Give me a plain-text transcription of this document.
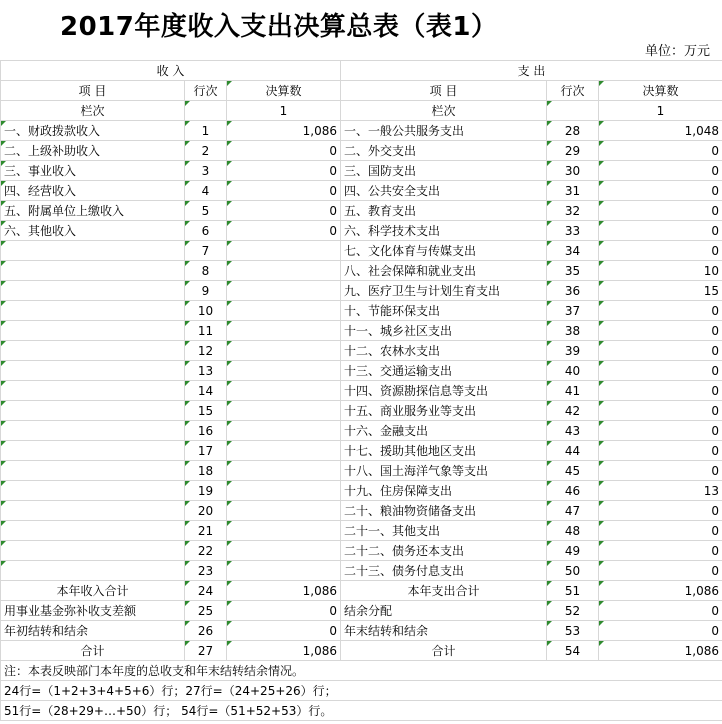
2017年度收入支出决算总表（表1）
单位：万元
收 入			支 出		
项 目	行次	决算数	项 目	行次	决算数
栏次		1	栏次		1
一、财政拨款收入	1	1,086	一、一般公共服务支出	28	1,048
二、上级补助收入	2	0	二、外交支出	29	0
三、事业收入	3	0	三、国防支出	30	0
四、经营收入	4	0	四、公共安全支出	31	0
五、附属单位上缴收入	5	0	五、教育支出	32	0
六、其他收入	6	0	六、科学技术支出	33	0
	7		七、文化体育与传媒支出	34	0
	8		八、社会保障和就业支出	35	10
	9		九、医疗卫生与计划生育支出	36	15
	10		十、节能环保支出	37	0
	11		十一、城乡社区支出	38	0
	12		十二、农林水支出	39	0
	13		十三、交通运输支出	40	0
	14		十四、资源勘探信息等支出	41	0
	15		十五、商业服务业等支出	42	0
	16		十六、金融支出	43	0
	17		十七、援助其他地区支出	44	0
	18		十八、国土海洋气象等支出	45	0
	19		十九、住房保障支出	46	13
	20		二十、粮油物资储备支出	47	0
	21		二十一、其他支出	48	0
	22		二十二、债务还本支出	49	0
	23		二十三、债务付息支出	50	0
本年收入合计	24	1,086	本年支出合计	51	1,086
用事业基金弥补收支差额	25	0	结余分配	52	0
年初结转和结余	26	0	年末结转和结余	53	0
合计	27	1,086	合计	54	1,086
注：本表反映部门本年度的总收支和年末结转结余情况。					
24行=（1+2+3+4+5+6）行；27行=（24+25+26）行；					
51行=（28+29+…+50）行； 54行=（51+52+53）行。					
